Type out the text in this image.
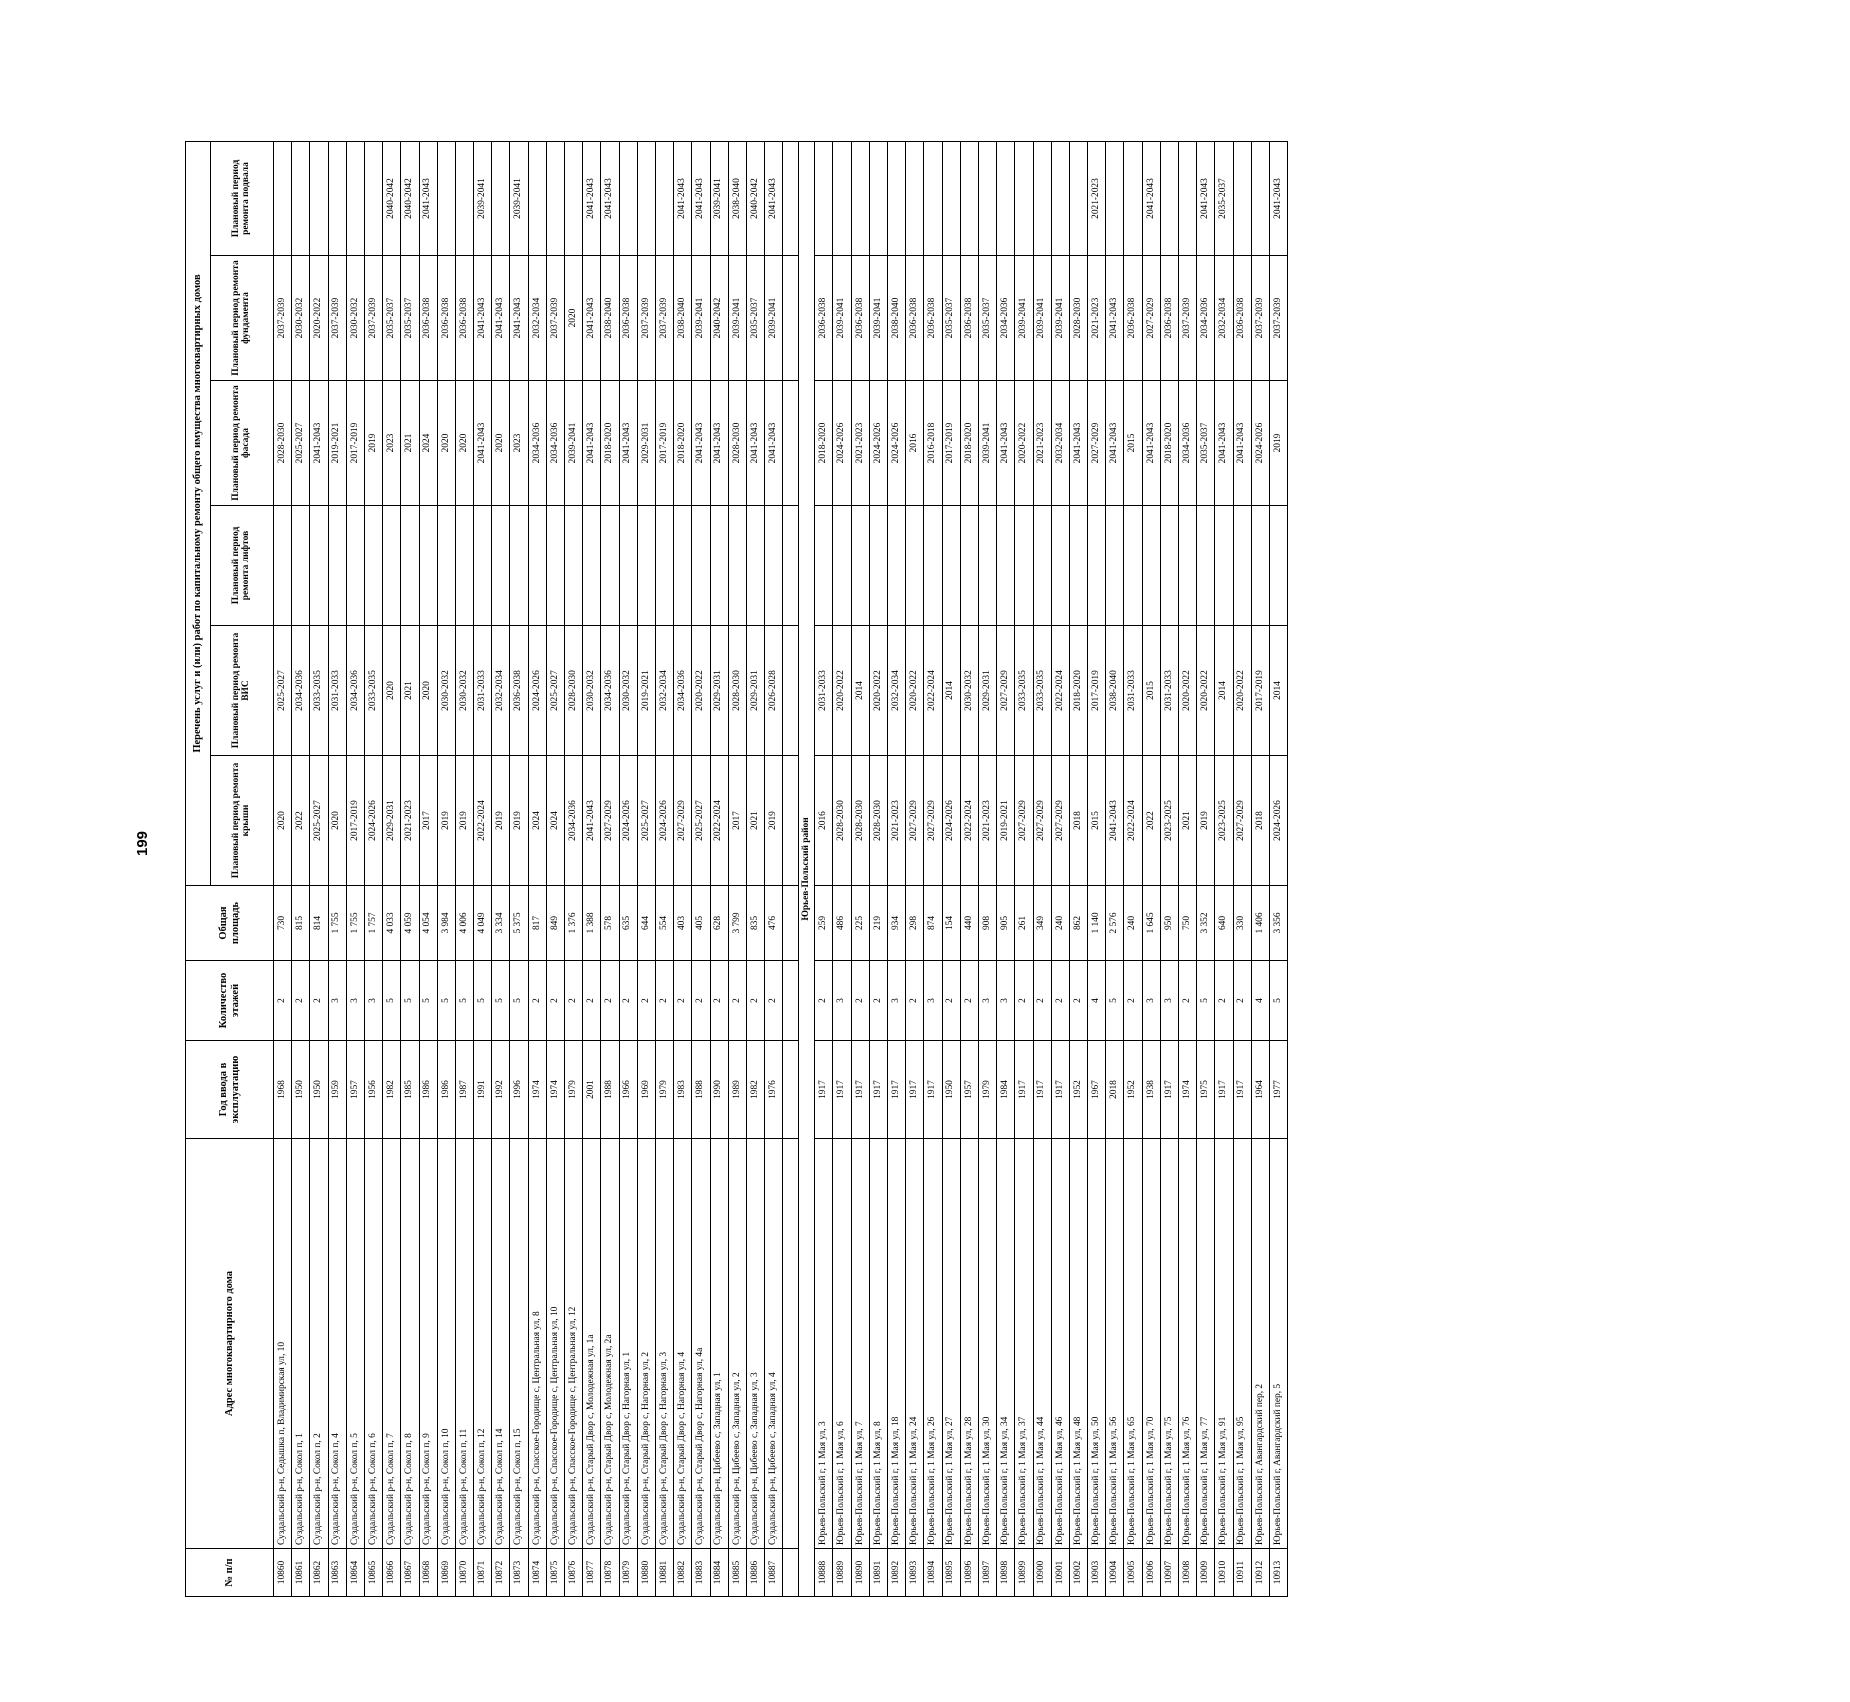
199
№ п/п	Адрес многоквартирного дома	Год ввода в эксплуатацию	Количество этажей	Общая площадь	Перечень услуг и (или) работ по капитальному ремонту общего имущества многоквартирных домов					
					Плановый период ремонта крыши	Плановый период ремонта ВИС	Плановый период ремонта лифтов	Плановый период ремонта фасада	Плановый период ремонта фундамента	Плановый период ремонта подвала
10860	Суздальский р-н, Седышка п, Владимирская ул, 10	1968	2	730	2020	2025-2027		2028-2030	2037-2039	
10861	Суздальский р-н, Сокол п, 1	1950	2	815	2022	2034-2036		2025-2027	2030-2032	
10862	Суздальский р-н, Сокол п, 2	1950	2	814	2025-2027	2033-2035		2041-2043	2020-2022	
10863	Суздальский р-н, Сокол п, 4	1959	3	1 755	2020	2031-2033		2019-2021	2037-2039	
10864	Суздальский р-н, Сокол п, 5	1957	3	1 755	2017-2019	2034-2036		2017-2019	2030-2032	
10865	Суздальский р-н, Сокол п, 6	1956	3	1 757	2024-2026	2033-2035		2019	2037-2039	
10866	Суздальский р-н, Сокол п, 7	1982	5	4 033	2029-2031	2020		2023	2035-2037	2040-2042
10867	Суздальский р-н, Сокол п, 8	1985	5	4 059	2021-2023	2021		2021	2035-2037	2040-2042
10868	Суздальский р-н, Сокол п, 9	1986	5	4 054	2017	2020		2024	2036-2038	2041-2043
10869	Суздальский р-н, Сокол п, 10	1986	5	3 984	2019	2030-2032		2020	2036-2038	
10870	Суздальский р-н, Сокол п, 11	1987	5	4 006	2019	2030-2032		2020	2036-2038	
10871	Суздальский р-н, Сокол п, 12	1991	5	4 049	2022-2024	2031-2033		2041-2043	2041-2043	2039-2041
10872	Суздальский р-н, Сокол п, 14	1992	5	3 334	2019	2032-2034		2020	2041-2043	
10873	Суздальский р-н, Сокол п, 15	1996	5	5 375	2019	2036-2038		2023	2041-2043	2039-2041
10874	Суздальский р-н, Спасское-Городище с, Центральная ул, 8	1974	2	817	2024	2024-2026		2034-2036	2032-2034	
10875	Суздальский р-н, Спасское-Городище с, Центральная ул, 10	1974	2	849	2024	2025-2027		2034-2036	2037-2039	
10876	Суздальский р-н, Спасское-Городище с, Центральная ул, 12	1979	2	1 376	2034-2036	2028-2030		2039-2041	2020	
10877	Суздальский р-н, Старый Двор с, Молодежная ул, 1а	2001	2	1 388	2041-2043	2030-2032		2041-2043	2041-2043	2041-2043
10878	Суздальский р-н, Старый Двор с, Молодежная ул, 2а	1988	2	578	2027-2029	2034-2036		2018-2020	2038-2040	2041-2043
10879	Суздальский р-н, Старый Двор с, Нагорная ул, 1	1966	2	635	2024-2026	2030-2032		2041-2043	2036-2038	
10880	Суздальский р-н, Старый Двор с, Нагорная ул, 2	1969	2	644	2025-2027	2019-2021		2029-2031	2037-2039	
10881	Суздальский р-н, Старый Двор с, Нагорная ул, 3	1979	2	554	2024-2026	2032-2034		2017-2019	2037-2039	
10882	Суздальский р-н, Старый Двор с, Нагорная ул, 4	1983	2	403	2027-2029	2034-2036		2018-2020	2038-2040	2041-2043
10883	Суздальский р-н, Старый Двор с, Нагорная ул, 4а	1988	2	405	2025-2027	2020-2022		2041-2043	2039-2041	2041-2043
10884	Суздальский р-н, Цибеево с, Западная ул, 1	1990	2	628	2022-2024	2029-2031		2041-2043	2040-2042	2039-2041
10885	Суздальский р-н, Цибеево с, Западная ул, 2	1989	2	3 799	2017	2028-2030		2028-2030	2039-2041	2038-2040
10886	Суздальский р-н, Цибеево с, Западная ул, 3	1982	2	835	2021	2029-2031		2041-2043	2035-2037	2040-2042
10887	Суздальский р-н, Цибеево с, Западная ул, 4	1976	2	476	2019	2026-2028		2041-2043	2039-2041	2041-2043

Юрьев-Польский район										
10888	Юрьев-Польский г, 1 Мая ул, 3	1917	2	259	2016	2031-2033		2018-2020	2036-2038	
10889	Юрьев-Польский г, 1 Мая ул, 6	1917	3	486	2028-2030	2020-2022		2024-2026	2039-2041	
10890	Юрьев-Польский г, 1 Мая ул, 7	1917	2	225	2028-2030	2014		2021-2023	2036-2038	
10891	Юрьев-Польский г, 1 Мая ул, 8	1917	2	219	2028-2030	2020-2022		2024-2026	2039-2041	
10892	Юрьев-Польский г, 1 Мая ул, 18	1917	3	934	2021-2023	2032-2034		2024-2026	2038-2040	
10893	Юрьев-Польский г, 1 Мая ул, 24	1917	2	298	2027-2029	2020-2022		2016	2036-2038	
10894	Юрьев-Польский г, 1 Мая ул, 26	1917	3	874	2027-2029	2022-2024		2016-2018	2036-2038	
10895	Юрьев-Польский г, 1 Мая ул, 27	1950	2	154	2024-2026	2014		2017-2019	2035-2037	
10896	Юрьев-Польский г, 1 Мая ул, 28	1957	2	440	2022-2024	2030-2032		2018-2020	2036-2038	
10897	Юрьев-Польский г, 1 Мая ул, 30	1979	3	908	2021-2023	2029-2031		2039-2041	2035-2037	
10898	Юрьев-Польский г, 1 Мая ул, 34	1984	3	905	2019-2021	2027-2029		2041-2043	2034-2036	
10899	Юрьев-Польский г, 1 Мая ул, 37	1917	2	261	2027-2029	2033-2035		2020-2022	2039-2041	
10900	Юрьев-Польский г, 1 Мая ул, 44	1917	2	349	2027-2029	2033-2035		2021-2023	2039-2041	
10901	Юрьев-Польский г, 1 Мая ул, 46	1917	2	240	2027-2029	2022-2024		2032-2034	2039-2041	
10902	Юрьев-Польский г, 1 Мая ул, 48	1952	2	862	2018	2018-2020		2041-2043	2028-2030	
10903	Юрьев-Польский г, 1 Мая ул, 50	1967	4	1 140	2015	2017-2019		2027-2029	2021-2023	2021-2023
10904	Юрьев-Польский г, 1 Мая ул, 56	2018	5	2 576	2041-2043	2038-2040		2041-2043	2041-2043	
10905	Юрьев-Польский г, 1 Мая ул, 65	1952	2	240	2022-2024	2031-2033		2015	2036-2038	
10906	Юрьев-Польский г, 1 Мая ул, 70	1938	3	1 645	2022	2015		2041-2043	2027-2029	2041-2043
10907	Юрьев-Польский г, 1 Мая ул, 75	1917	3	950	2023-2025	2031-2033		2018-2020	2036-2038	
10908	Юрьев-Польский г, 1 Мая ул, 76	1974	2	750	2021	2020-2022		2034-2036	2037-2039	
10909	Юрьев-Польский г, 1 Мая ул, 77	1975	5	3 352	2019	2020-2022		2035-2037	2034-2036	2041-2043
10910	Юрьев-Польский г, 1 Мая ул, 91	1917	2	640	2023-2025	2014		2041-2043	2032-2034	2035-2037
10911	Юрьев-Польский г, 1 Мая ул, 95	1917	2	330	2027-2029	2020-2022		2041-2043	2036-2038	
10912	Юрьев-Польский г, Авангардский пер, 2	1964	4	1 406	2018	2017-2019		2024-2026	2037-2039	
10913	Юрьев-Польский г, Авангардский пер, 5	1977	5	3 356	2024-2026	2014		2019	2037-2039	2041-2043
